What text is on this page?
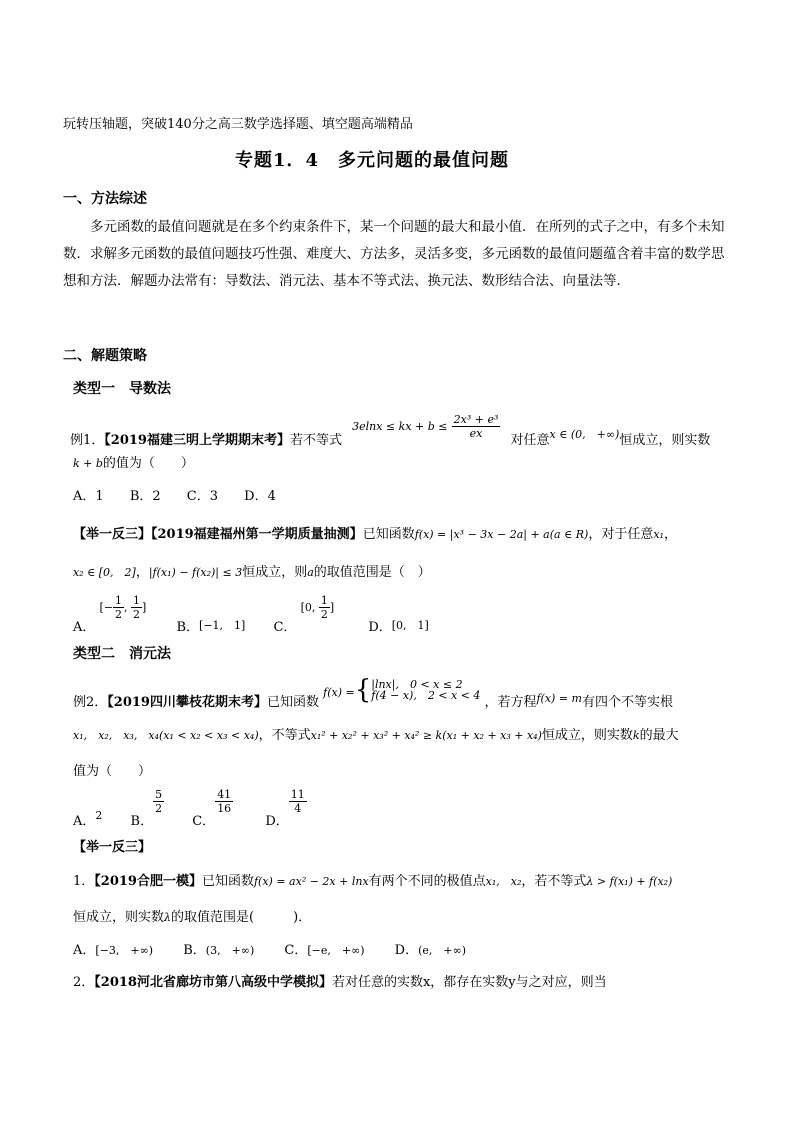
玩转压轴题，突破140分之高三数学选择题、填空题高端精品
专题1．4　多元问题的最值问题
一、方法综述
多元函数的最值问题就是在多个约束条件下，某一个问题的最大和最小值．在所列的式子之中，有多个未知数．求解多元函数的最值问题技巧性强、难度大、方法多，灵活多变，多元函数的最值问题蕴含着丰富的数学思想和方法．解题办法常有：导数法、消元法、基本不等式法、换元法、数形结合法、向量法等．
二、解题策略
类型一　导数法
例1．【2019福建三明上学期期末考】若不等式 $_{3elnx \le kx + b \le} \frac{\text{2x³ + e³}}{ex}$
对任意$_{x \in (0, +\infty)}$恒成立，则实数
k + b的值为（　　）
A．1 B．2 C．3 D．4
【举一反三】【2019福建福州第一学期质量抽测】已知函数f(x) = |x³ − 3x − 2a| + a(a ∈ R)，对于任意x₁，
x₂ ∈ [0,　2]，|f(x₁) − f(x₂)| ≤ 3恒成立，则a的取值范围是（　）
A． [− $\frac{1}{2}$ , $\frac{1}{2}$ ] B．$_{[-1, 1]}$ C． [0, $\frac{1}{2}$ ] D．$_{[0, 1]}$
类型二　消元法
例2．【2019四川攀枝花期末考】已知函数 $_{f(x) =}${ |lnx|,　0 < x ≤ 2
f(4 − x),　2 < x < 4 ，若方程$_{f(x) = m}$有四个不等实根
x₁,　x₂,　x₃,　x₄(x₁ < x₂ < x₃ < x₄)，不等式x₁² + x₂² + x₃² + x₄² ≥ k(x₁ + x₂ + x₃ + x₄)恒成立，则实数k的最大
值为（　　）
A．$_2$ B．
$\frac{5}{2}$
C．
$\frac{41}{16}$
D．
$\frac{11}{4}$
【举一反三】
1．【2019合肥一模】已知函数f(x) = ax² − 2x + lnx有两个不同的极值点x₁,　x₂，若不等式λ > f(x₁) + f(x₂)
恒成立，则实数λ的取值范围是(　　　)．
A．[−3,　+∞) B．(3,　+∞) C．[−e,　+∞) D．(e,　+∞)
2．【2018河北省廊坊市第八高级中学模拟】若对任意的实数x，都存在实数y与之对应，则当
